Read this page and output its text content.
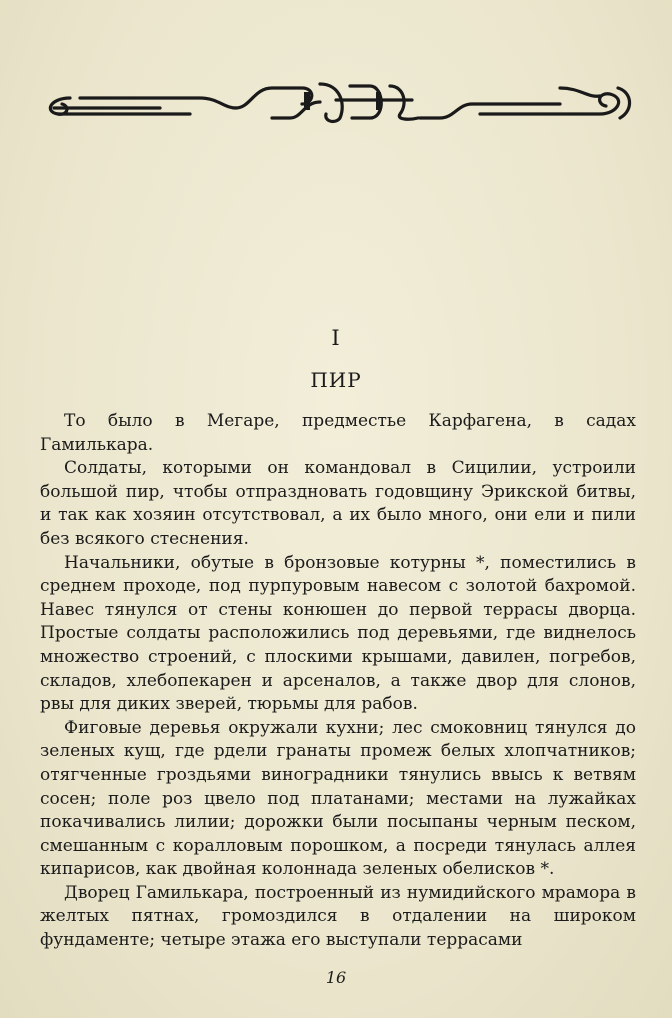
I
ПИР

То было в Мегаре, предместье Карфагена, в садах Гамилькара.

Солдаты, которыми он командовал в Сицилии, устроили большой пир, чтобы отпраздновать годовщину Эрикской битвы, и так как хозяин отсутствовал, а их было много, они ели и пили без всякого стеснения.

Начальники, обутые в бронзовые котурны *, поместились в среднем проходе, под пурпуровым навесом с золотой бахромой. Навес тянулся от стены конюшен до первой террасы дворца. Простые солдаты расположились под деревьями, где виднелось множество строений, с плоскими крышами, давилен, погребов, складов, хлебопекарен и арсеналов, а также двор для слонов, рвы для диких зверей, тюрьмы для рабов.

Фиговые деревья окружали кухни; лес смоковниц тянулся до зеленых кущ, где рдели гранаты промеж белых хлопчатников; отягченные гроздьями виноградники тянулись ввысь к ветвям сосен; поле роз цвело под платанами; местами на лужайках покачивались лилии; дорожки были посыпаны черным песком, смешанным с коралловым порошком, а посреди тянулась аллея кипарисов, как двойная колоннада зеленых обелисков *.

Дворец Гамилькара, построенный из нумидийского мрамора в желтых пятнах, громоздился в отдалении на широком фундаменте; четыре этажа его выступали террасами

16
